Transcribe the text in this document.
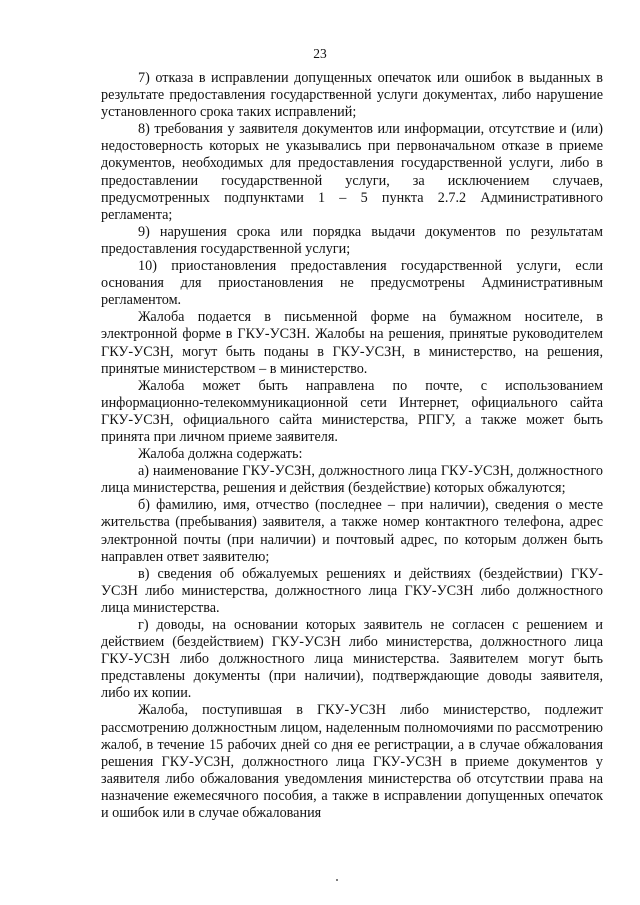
23

7) отказа в исправлении допущенных опечаток или ошибок в выданных в результате предоставления государственной услуги документах, либо нарушение установленного срока таких исправлений;

8) требования у заявителя документов или информации, отсутствие и (или) недостоверность которых не указывались при первоначальном отказе в приеме документов, необходимых для предоставления государственной услуги, либо в предоставлении государственной услуги, за исключением случаев, предусмотренных подпунктами 1 – 5 пункта 2.7.2 Административного регламента;

9) нарушения срока или порядка выдачи документов по результатам предоставления государственной услуги;

10) приостановления предоставления государственной услуги, если основания для приостановления не предусмотрены Административным регламентом.

Жалоба подается в письменной форме на бумажном носителе, в электронной форме в ГКУ-УСЗН. Жалобы на решения, принятые руководителем ГКУ-УСЗН, могут быть поданы в ГКУ-УСЗН, в министерство, на решения, принятые министерством – в министерство.

Жалоба может быть направлена по почте, с использованием информационно-телекоммуникационной сети Интернет, официального сайта ГКУ-УСЗН, официального сайта министерства, РПГУ, а также может быть принята при личном приеме заявителя.

Жалоба должна содержать:

а) наименование ГКУ-УСЗН, должностного лица ГКУ-УСЗН, должностного лица министерства, решения и действия (бездействие) которых обжалуются;

б) фамилию, имя, отчество (последнее – при наличии), сведения о месте жительства (пребывания) заявителя, а также номер контактного телефона, адрес электронной почты (при наличии) и почтовый адрес, по которым должен быть направлен ответ заявителю;

в) сведения об обжалуемых решениях и действиях (бездействии) ГКУ-УСЗН либо министерства, должностного лица ГКУ-УСЗН либо должностного лица министерства.

г) доводы, на основании которых заявитель не согласен с решением и действием (бездействием) ГКУ-УСЗН либо министерства, должностного лица ГКУ-УСЗН либо должностного лица министерства. Заявителем могут быть представлены документы (при наличии), подтверждающие доводы заявителя, либо их копии.

Жалоба, поступившая в ГКУ-УСЗН либо министерство, подлежит рассмотрению должностным лицом, наделенным полномочиями по рассмотрению жалоб, в течение 15 рабочих дней со дня ее регистрации, а в случае обжалования решения ГКУ-УСЗН, должностного лица ГКУ-УСЗН в приеме документов у заявителя либо обжалования уведомления министерства об отсутствии права на назначение ежемесячного пособия, а также в исправлении допущенных опечаток и ошибок или в случае обжалования
